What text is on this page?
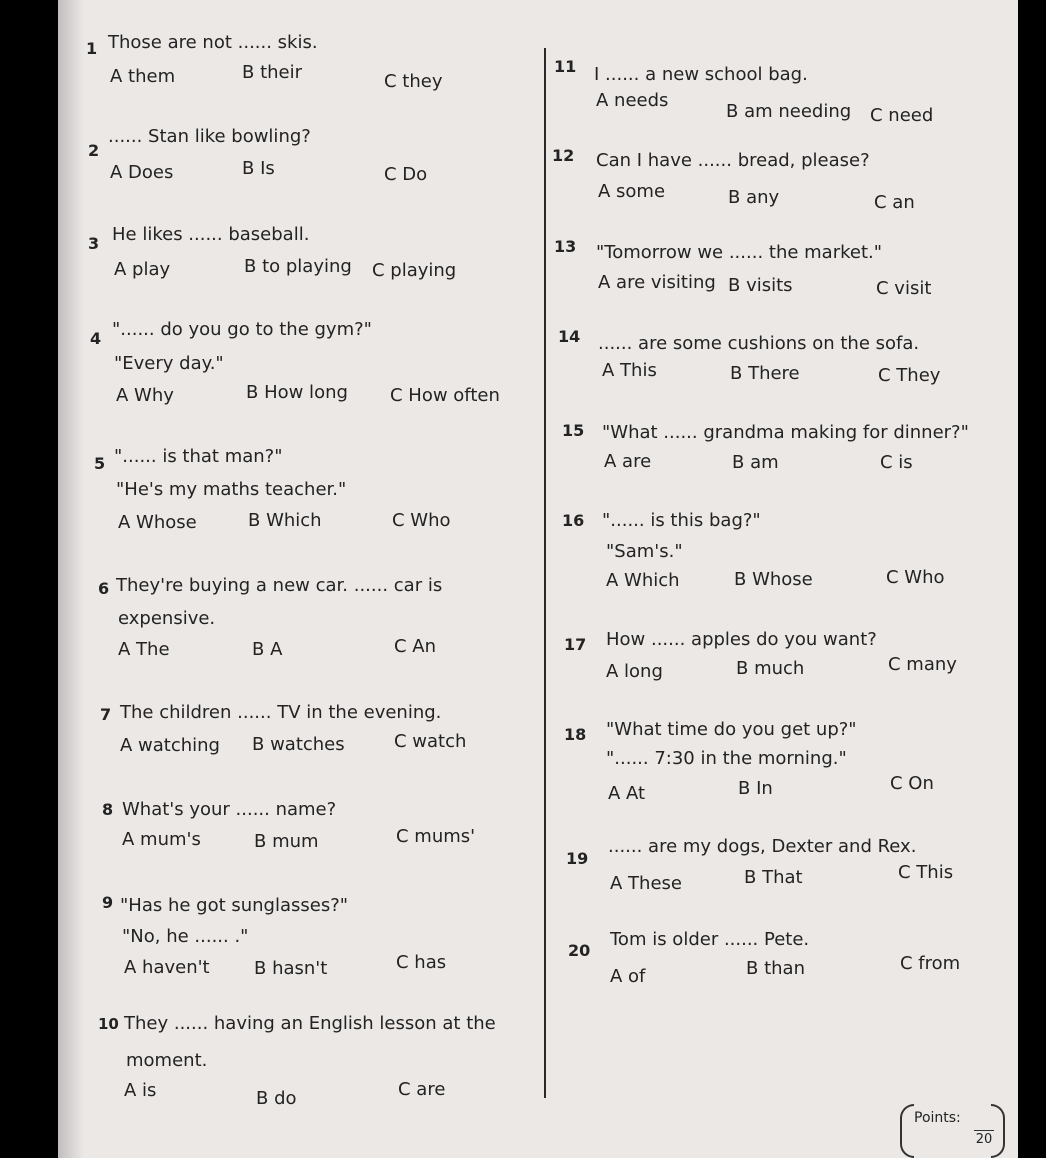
1 Those are not ...... skis.
A them	B their	C they
2
...... Stan like bowling?
A Does	B Is	C Do
3 He likes ...... baseball.
A play	B to playing C playing
4 "...... do you go to the gym?"
"Every day."
A Why	B How long C How often
5 "...... is that man?"
"He's my maths teacher."
A Whose	B Which	C Who
6 They're buying a new car. ...... car is
expensive.
A The	B A	C An
7 The children ...... TV in the evening.
A watching B watches	C watch
8 What's your ...... name?
A mum's	B mum	C mums'
9 "Has he got sunglasses?"
"No, he ...... ."
A haven't B hasn't	C has
10 They ...... having an English lesson at the
moment.
A is	B do	C are
11 I ...... a new school bag.
A needs
B am needing C need
12 Can I have ...... bread, please?
A some	B any	C an
13 "Tomorrow we ...... the market."
A are visiting B visits	C visit
14 ...... are some cushions on the sofa.
A This	B There	C They
15 "What ...... grandma making for dinner?"
A are	B am	C is
16 "...... is this bag?"
"Sam's."
A Which	B Whose	C Who
17 How ...... apples do you want?
A long	B much	C many
18 "What time do you get up?"
"...... 7:30 in the morning."
A At	B In	C On
19
...... are my dogs, Dexter and Rex.
A These	B That	C This
20
Tom is older ...... Pete.
A of	B than	C from
Points:
20
